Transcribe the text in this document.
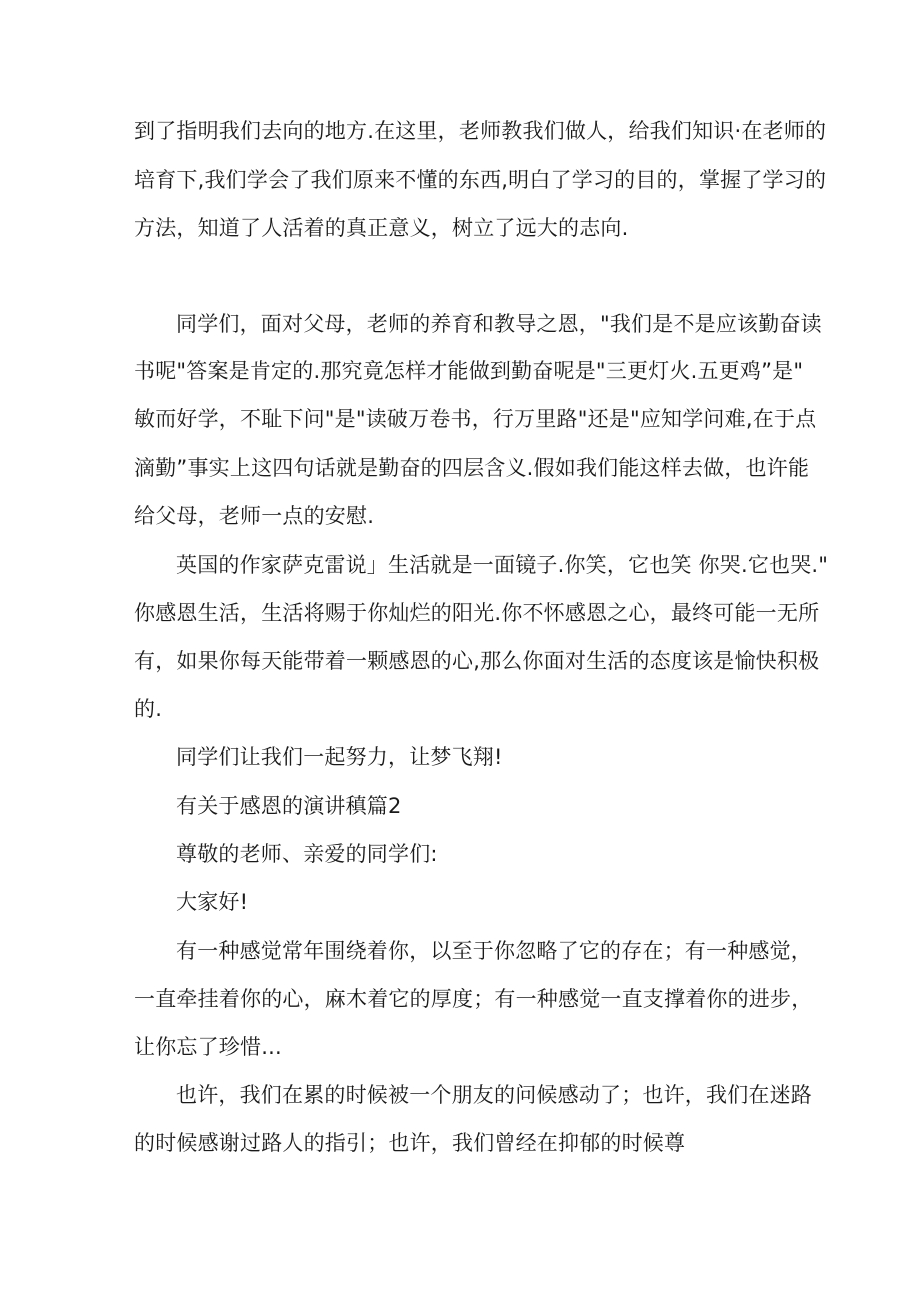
到了指明我们去向的地方.在这里，老师教我们做人，给我们知识·在老师的
培育下,我们学会了我们原来不懂的东西,明白了学习的目的，掌握了学习的
方法，知道了人活着的真正意义，树立了远大的志向.
同学们，面对父母，老师的养育和教导之恩，"我们是不是应该勤奋读
书呢"答案是肯定的.那究竟怎样才能做到勤奋呢是"三更灯火.五更鸡”是"
敏而好学，不耻下问"是"读破万卷书，行万里路"还是"应知学问难,在于点
滴勤”事实上这四句话就是勤奋的四层含义.假如我们能这样去做，也许能
给父母，老师一点的安慰.
英国的作家萨克雷说」生活就是一面镜子.你笑，它也笑 你哭.它也哭."
你感恩生活，生活将赐于你灿烂的阳光.你不怀感恩之心，最终可能一无所
有，如果你每天能带着一颗感恩的心,那么你面对生活的态度该是愉快积极
的.
同学们让我们一起努力，让梦飞翔!
有关于感恩的演讲稹篇2
尊敬的老师、亲爱的同学们:
大家好!
有一种感觉常年围绕着你，以至于你忽略了它的存在；有一种感觉，
一直牵挂着你的心，麻木着它的厚度；有一种感觉一直支撑着你的进步，
让你忘了珍惜...
也许，我们在累的时候被一个朋友的问候感动了；也许，我们在迷路
的时候感谢过路人的指引；也许，我们曾经在抑郁的时候尊
